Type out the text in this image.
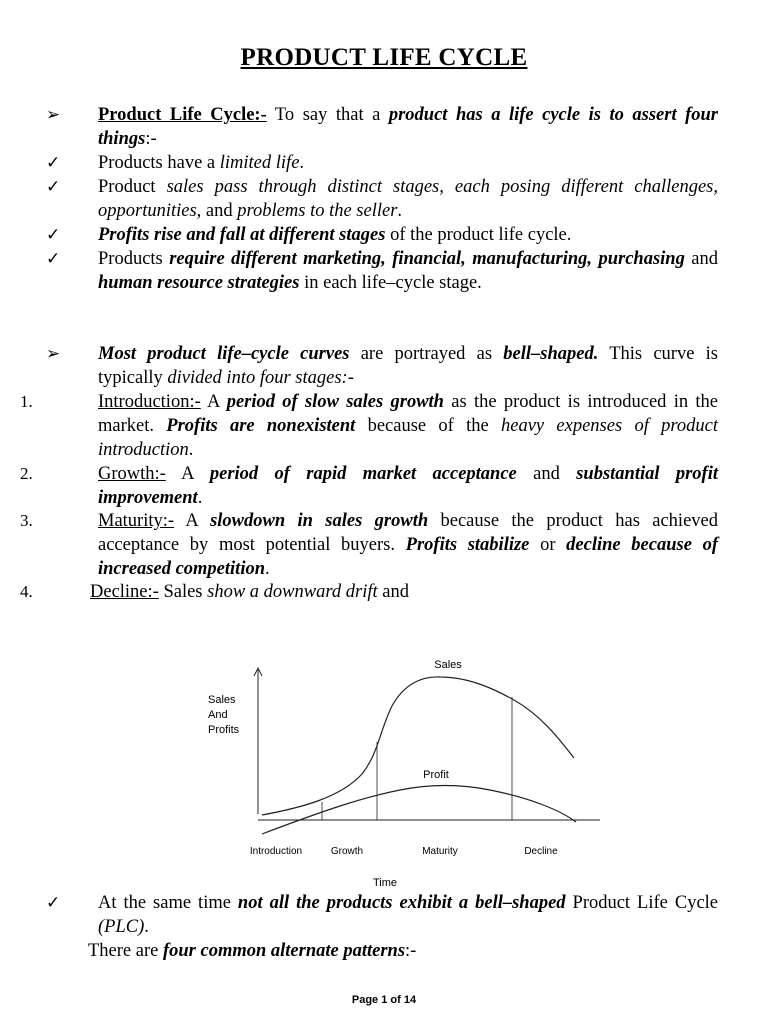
PRODUCT LIFE CYCLE
➢ Product Life Cycle:- To say that a product has a life cycle is to assert four things:-
✓ Products have a limited life.
✓ Product sales pass through distinct stages, each posing different challenges, opportunities, and problems to the seller.
✓ Profits rise and fall at different stages of the product life cycle.
✓ Products require different marketing, financial, manufacturing, purchasing and human resource strategies in each life–cycle stage.
➢ Most product life–cycle curves are portrayed as bell–shaped. This curve is typically divided into four stages:-
1.	Introduction:- A period of slow sales growth as the product is introduced in the market. Profits are nonexistent because of the heavy expenses of product introduction.
2.	Growth:- A period of rapid market acceptance and substantial profit improvement.
3.	Maturity:- A slowdown in sales growth because the product has achieved acceptance by most potential buyers. Profits stabilize or decline because of increased competition.
4.	Decline:- Sales show a downward drift and
Sales
And
Profits
Sales
Profit
Introduction	Growth	Maturity	Decline
Time
✓ At the same time not all the products exhibit a bell–shaped Product Life Cycle (PLC).
There are four common alternate patterns:-
Page 1 of 14
